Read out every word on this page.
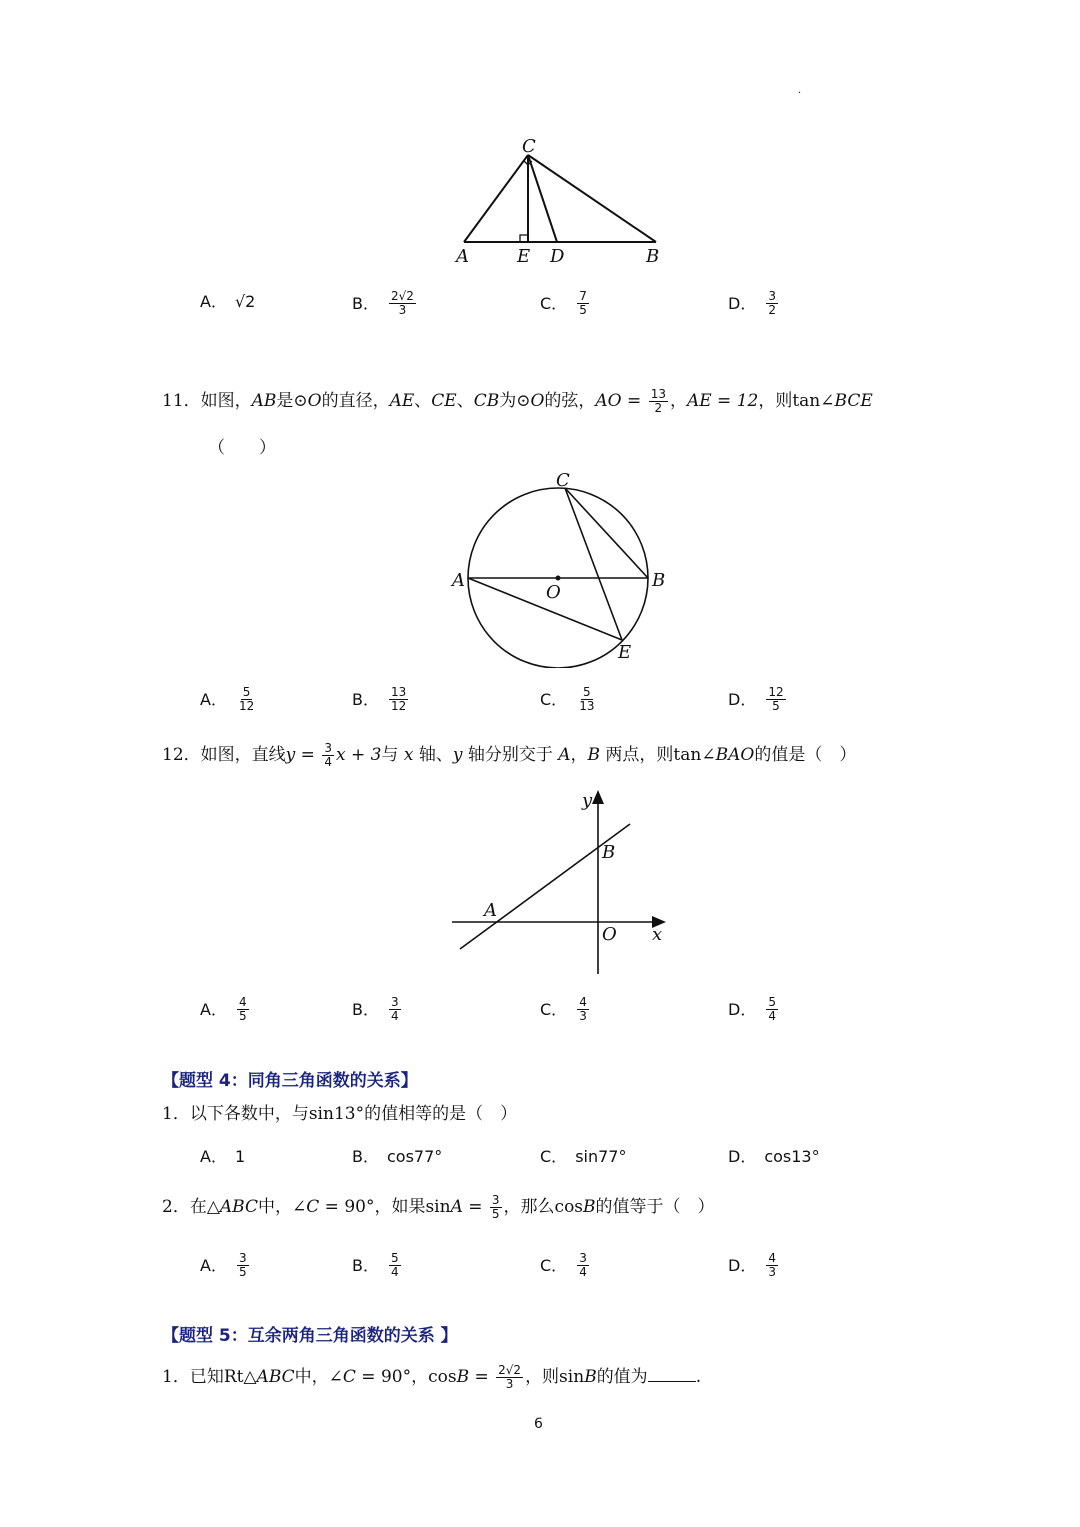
·
C
A	E D	B
A． √2	B． $\frac{2√2}{3}$	C． $\frac{7}{5}$	D． $\frac{3}{2}$
11．如图，AB是⊙O的直径，AE、CE、CB为⊙O的弦，AO = $\frac{13}{2}$ ，AE = 12，则tan∠BCE
（　　）
C
A	B
O
E
A． $\frac{5}{12}$	B． $\frac{13}{12}$	C． $\frac{5}{13}$	D． $\frac{12}{5}$
12．如图，直线$y = \frac{3}{4}$ x + 3与 x 轴、y 轴分别交于 A，B 两点，则tan∠BAO的值是（　）
y
x
O
A
B
A． $\frac{4}{5}$	B． $\frac{3}{4}$	C． $\frac{4}{3}$	D． $\frac{5}{4}$
【题型 4：同角三角函数的关系】
1．以下各数中，与sin13°的值相等的是（　）
A． 1	B． cos77°	C． sin77°	D． cos13°
2．在△ABC中，∠C = 90°，如果$\sin A = \frac{3}{5}$ ，那么cosB的值等于（　）
A． $\frac{3}{5}$	B． $\frac{5}{4}$	C． $\frac{3}{4}$	D． $\frac{4}{3}$
【题型 5：互余两角三角函数的关系 】
1．已知Rt△ABC中，∠C = 90°，$\cos B = \frac{2√2}{3}$ ，则sinB的值为	.
6
